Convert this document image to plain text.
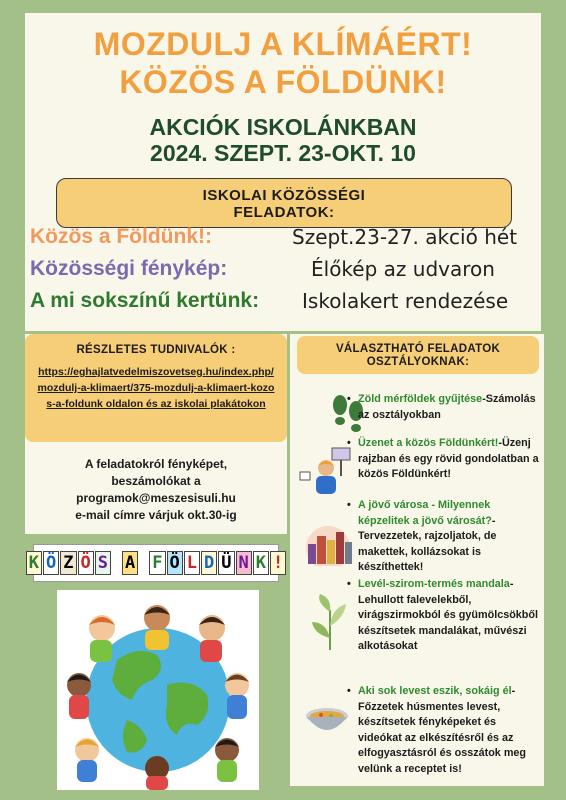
MOZDULJ A KLÍMÁÉRT!
KÖZÖS A FÖLDÜNK!
AKCIÓK ISKOLÁNKBAN
2024. SZEPT. 23-OKT. 10
ISKOLAI KÖZÖSSÉGI
FELADATOK:
Közös a Földünk!:	Szept.23-27. akció hét
Közösségi fénykép:	Élőkép az udvaron
A mi sokszínű kertünk: Iskolakert rendezése
RÉSZLETES TUDNIVALÓK :
https://eghajlatvedelmiszovetseg.hu/index.php/mozdulj-a-klimaert/375-mozdulj-a-klimaert-kozos-a-foldunk oldalon és az iskolai plakátokon
A feladatokról fényképet,
beszámolókat a
programok@meszesisuli.hu
e-mail címre várjuk okt.30-ig
K Ö Z Ö S A F Ö L D Ü N K !
VÁLASZTHATÓ FELADATOK
OSZTÁLYOKNAK:
• Zöld mérföldek gyűjtése-Számolás az osztályokban
• Üzenet a közös Földünkért!-Üzenj rajzban és egy rövid gondolatban a közös Földünkért!
• A jövő városa - Milyennek képzelitek a jövő városát?-Tervezzetek, rajzoljatok, de makettek, kollázsokat is készíthettek!
• Levél-szirom-termés mandala-Lehullott falevelekből, virágszirmokból és gyümölcsökből készítsetek mandalákat, művészi alkotásokat
• Aki sok levest eszik, sokáig él-Főzzetek húsmentes levest, készítsetek fényképeket és videókat az elkészítésről és az elfogyasztásról és osszátok meg velünk a receptet is!
